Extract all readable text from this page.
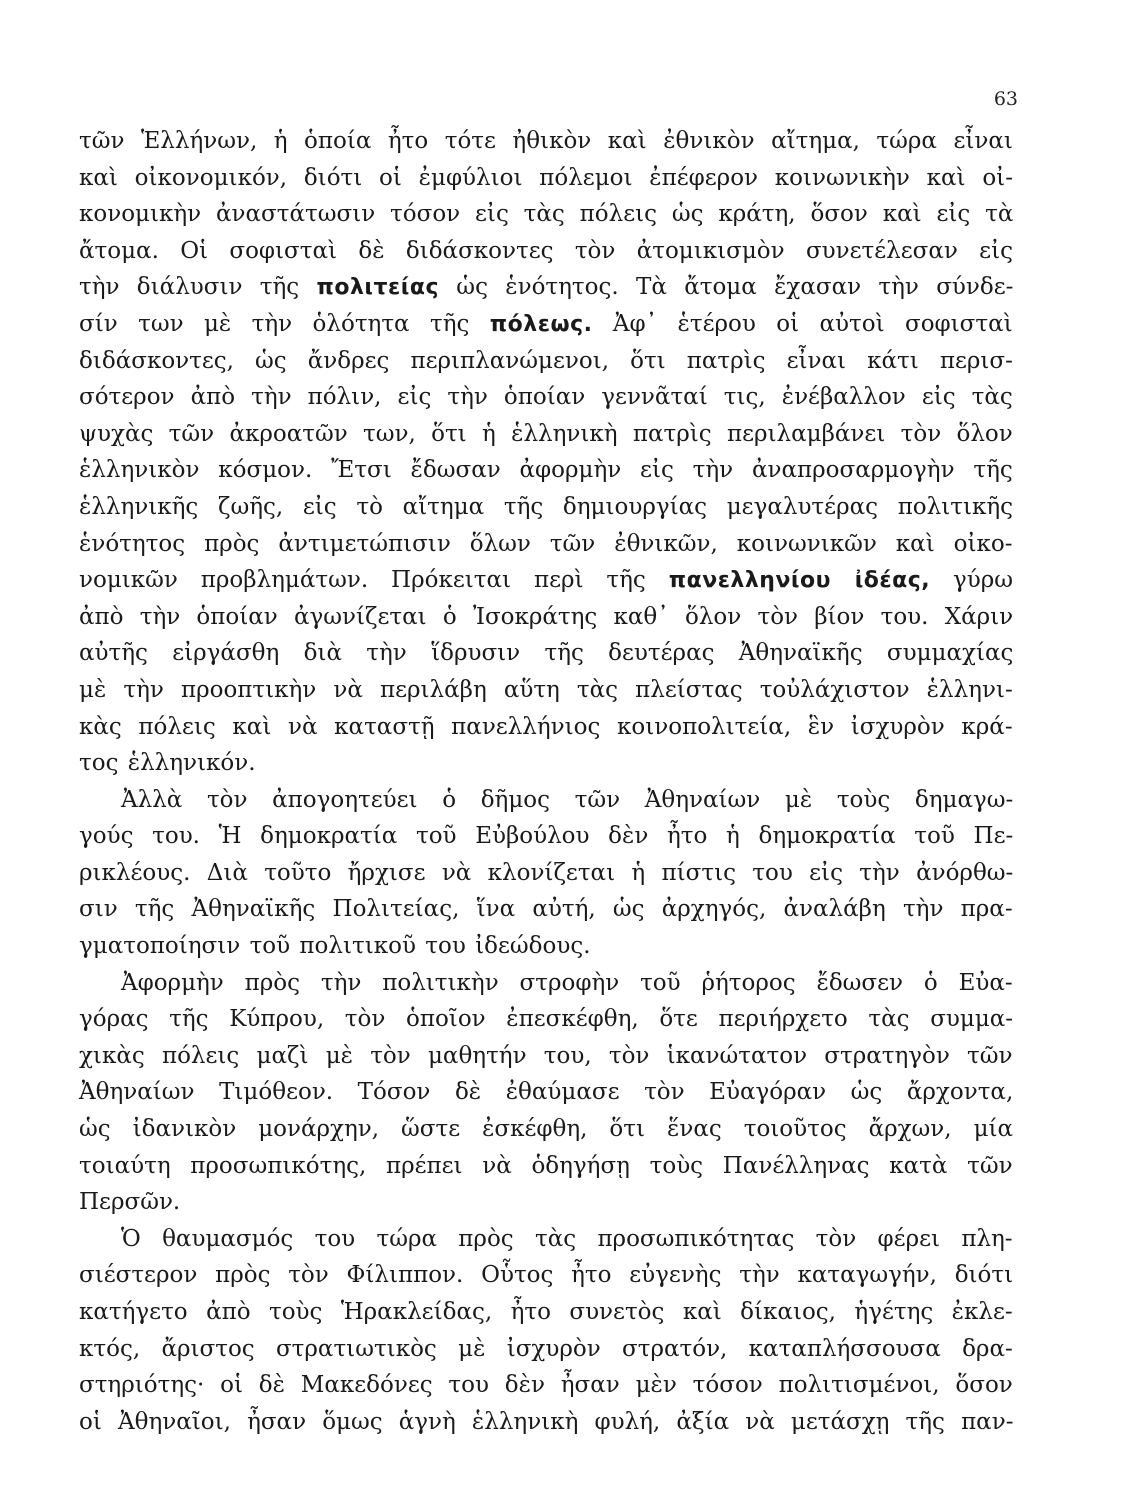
63
τῶν Ἑλλήνων, ἡ ὁποία ἦτο τότε ἠθικὸν καὶ ἐθνικὸν αἴτημα, τώρα εἶναι
καὶ οἰκονομικόν, διότι οἱ ἐμφύλιοι πόλεμοι ἐπέφερον κοινωνικὴν καὶ οἰ-
κονομικὴν ἀναστάτωσιν τόσον εἰς τὰς πόλεις ὡς κράτη, ὅσον καὶ εἰς τὰ
ἄτομα. Οἱ σοφισταὶ δὲ διδάσκοντες τὸν ἀτομικισμὸν συνετέλεσαν εἰς
τὴν διάλυσιν τῆς πολιτείας ὡς ἑνότητος. Τὰ ἄτομα ἔχασαν τὴν σύνδε-
σίν των μὲ τὴν ὁλότητα τῆς πόλεως. Ἀφ᾽ ἑτέρου οἱ αὐτοὶ σοφισταὶ
διδάσκοντες, ὡς ἄνδρες περιπλανώμενοι, ὅτι πατρὶς εἶναι κάτι περισ-
σότερον ἀπὸ τὴν πόλιν, εἰς τὴν ὁποίαν γεννᾶταί τις, ἐνέβαλλον εἰς τὰς
ψυχὰς τῶν ἀκροατῶν των, ὅτι ἡ ἑλληνικὴ πατρὶς περιλαμβάνει τὸν ὅλον
ἑλληνικὸν κόσμον. Ἔτσι ἔδωσαν ἀφορμὴν εἰς τὴν ἀναπροσαρμογὴν τῆς
ἑλληνικῆς ζωῆς, εἰς τὸ αἴτημα τῆς δημιουργίας μεγαλυτέρας πολιτικῆς
ἑνότητος πρὸς ἀντιμετώπισιν ὅλων τῶν ἐθνικῶν, κοινωνικῶν καὶ οἰκο-
νομικῶν προβλημάτων. Πρόκειται περὶ τῆς πανελληνίου ἰδέας, γύρω
ἀπὸ τὴν ὁποίαν ἀγωνίζεται ὁ Ἰσοκράτης καθ᾽ ὅλον τὸν βίον του. Χάριν
αὐτῆς εἰργάσθη διὰ τὴν ἵδρυσιν τῆς δευτέρας Ἀθηναϊκῆς συμμαχίας
μὲ τὴν προοπτικὴν νὰ περιλάβη αὕτη τὰς πλείστας τοὐλάχιστον ἑλληνι-
κὰς πόλεις καὶ νὰ καταστῇ πανελλήνιος κοινοπολιτεία, ἓν ἰσχυρὸν κρά-
τος ἑλληνικόν.
Ἀλλὰ τὸν ἀπογοητεύει ὁ δῆμος τῶν Ἀθηναίων μὲ τοὺς δημαγω-
γούς του. Ἡ δημοκρατία τοῦ Εὐβούλου δὲν ἦτο ἡ δημοκρατία τοῦ Πε-
ρικλέους. Διὰ τοῦτο ἤρχισε νὰ κλονίζεται ἡ πίστις του εἰς τὴν ἀνόρθω-
σιν τῆς Ἀθηναϊκῆς Πολιτείας, ἵνα αὐτή, ὡς ἀρχηγός, ἀναλάβη τὴν πρα-
γματοποίησιν τοῦ πολιτικοῦ του ἰδεώδους.
Ἀφορμὴν πρὸς τὴν πολιτικὴν στροφὴν τοῦ ῥήτορος ἔδωσεν ὁ Εὐα-
γόρας τῆς Κύπρου, τὸν ὁποῖον ἐπεσκέφθη, ὅτε περιήρχετο τὰς συμμα-
χικὰς πόλεις μαζὶ μὲ τὸν μαθητήν του, τὸν ἱκανώτατον στρατηγὸν τῶν
Ἀθηναίων Τιμόθεον. Τόσον δὲ ἐθαύμασε τὸν Εὐαγόραν ὡς ἄρχοντα,
ὡς ἰδανικὸν μονάρχην, ὥστε ἐσκέφθη, ὅτι ἕνας τοιοῦτος ἄρχων, μία
τοιαύτη προσωπικότης, πρέπει νὰ ὁδηγήσῃ τοὺς Πανέλληνας κατὰ τῶν
Περσῶν.
Ὁ θαυμασμός του τώρα πρὸς τὰς προσωπικότητας τὸν φέρει πλη-
σιέστερον πρὸς τὸν Φίλιππον. Οὗτος ἦτο εὐγενὴς τὴν καταγωγήν, διότι
κατήγετο ἀπὸ τοὺς Ἡρακλείδας, ἦτο συνετὸς καὶ δίκαιος, ἡγέτης ἐκλε-
κτός, ἄριστος στρατιωτικὸς μὲ ἰσχυρὸν στρατόν, καταπλήσσουσα δρα-
στηριότης· οἱ δὲ Μακεδόνες του δὲν ἦσαν μὲν τόσον πολιτισμένοι, ὅσον
οἱ Ἀθηναῖοι, ἦσαν ὅμως ἁγνὴ ἑλληνικὴ φυλή, ἀξία νὰ μετάσχῃ τῆς παν-
